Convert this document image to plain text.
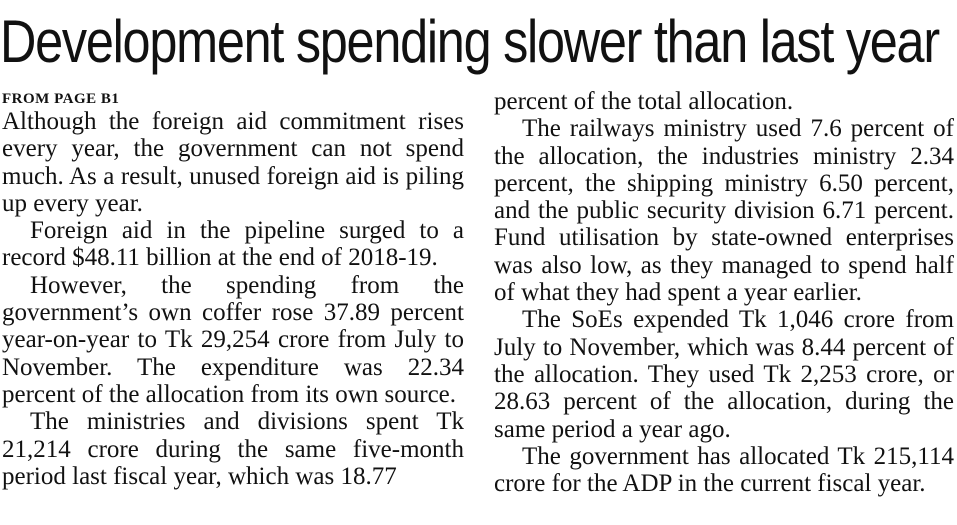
Development spending slower than last year
FROM PAGE B1

Although the foreign aid commitment rises every year, the government can not spend much. As a result, unused foreign aid is piling up every year.

Foreign aid in the pipeline surged to a record $48.11 billion at the end of 2018-19.

However, the spending from the government’s own coffer rose 37.89 percent year-on-year to Tk 29,254 crore from July to November. The expenditure was 22.34 percent of the allocation from its own source.

The ministries and divisions spent Tk 21,214 crore during the same five-month period last fiscal year, which was 18.77

percent of the total allocation.

The railways ministry used 7.6 percent of the allocation, the industries ministry 2.34 percent, the shipping ministry 6.50 percent, and the public security division 6.71 percent. Fund utilisation by state-owned enterprises was also low, as they managed to spend half of what they had spent a year earlier.

The SoEs expended Tk 1,046 crore from July to November, which was 8.44 percent of the allocation. They used Tk 2,253 crore, or 28.63 percent of the allocation, during the same period a year ago.

The government has allocated Tk 215,114 crore for the ADP in the current fiscal year.
